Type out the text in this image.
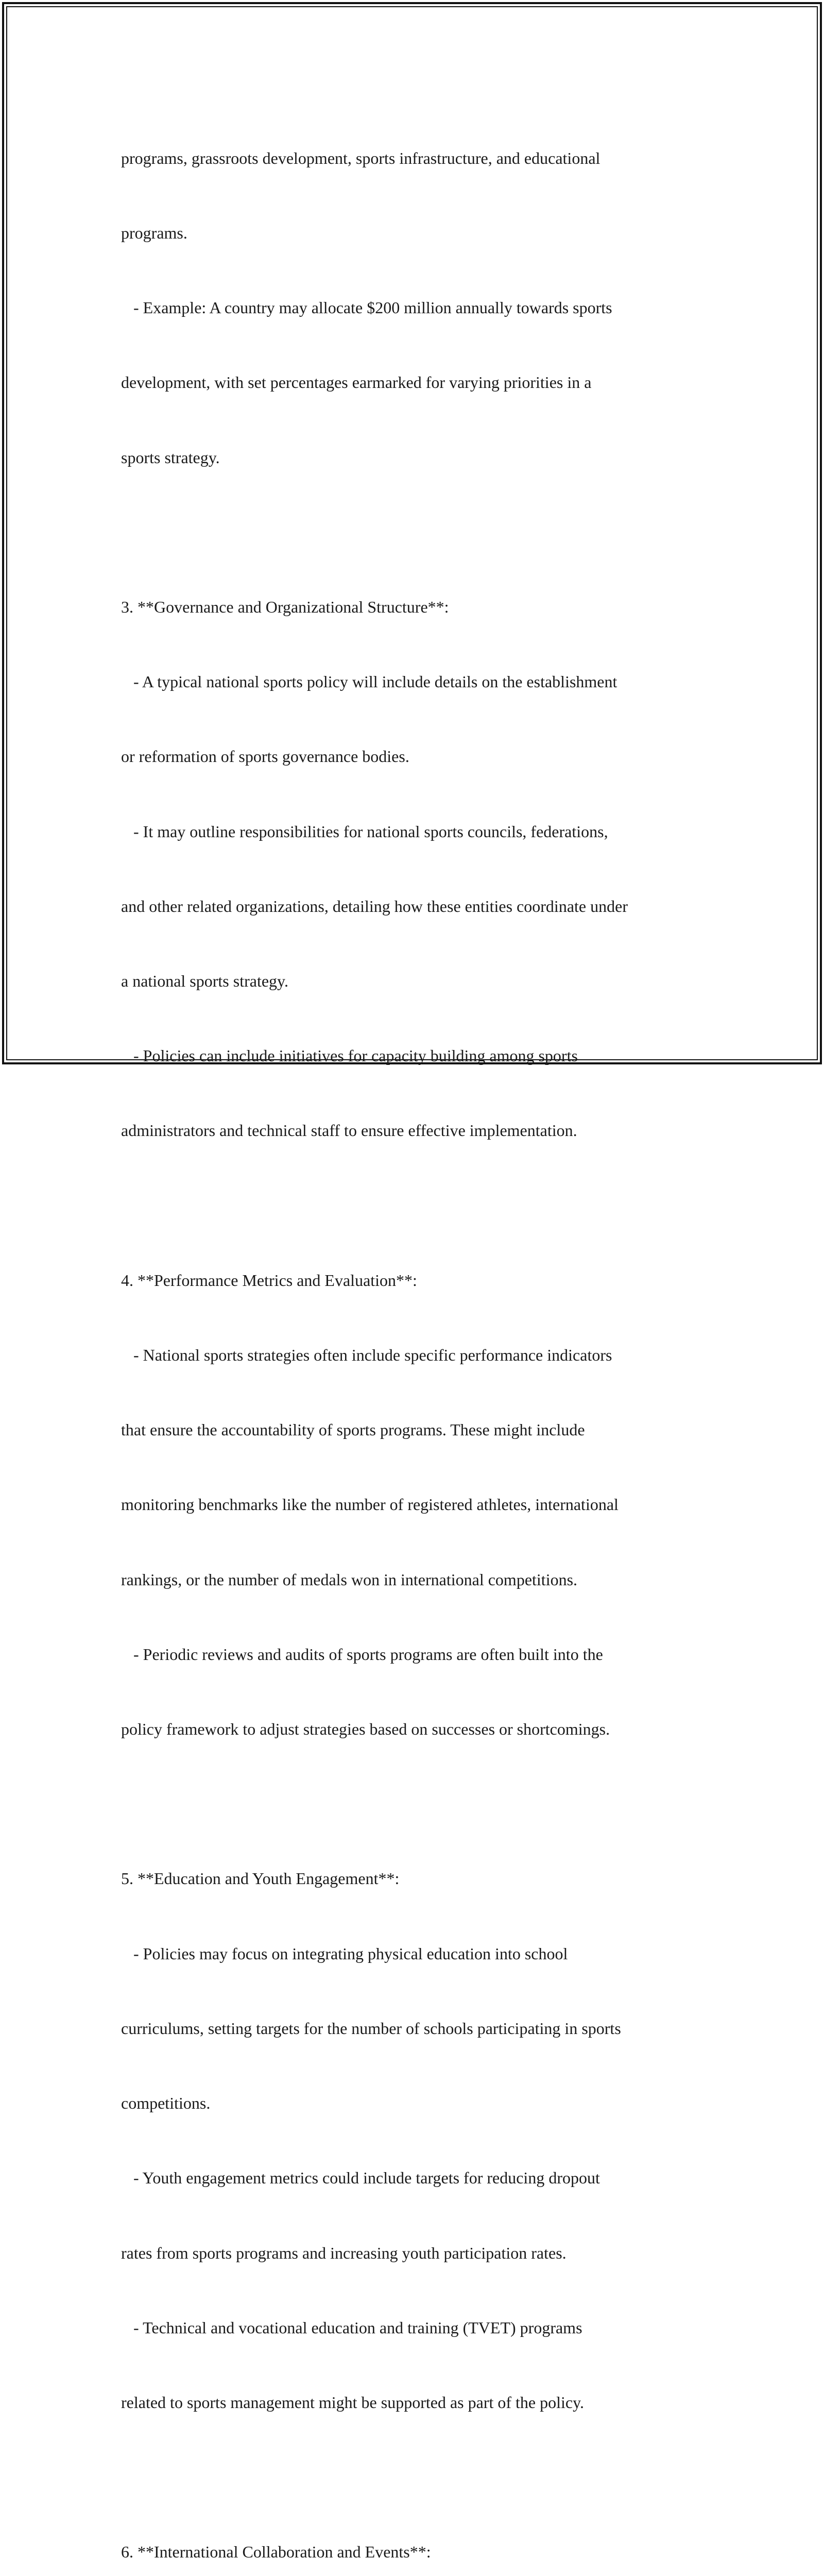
programs, grassroots development, sports infrastructure, and educational

programs.

- Example: A country may allocate $200 million annually towards sports

development, with set percentages earmarked for varying priorities in a

sports strategy.

3. **Governance and Organizational Structure**:

- A typical national sports policy will include details on the establishment

or reformation of sports governance bodies.

- It may outline responsibilities for national sports councils, federations,

and other related organizations, detailing how these entities coordinate under

a national sports strategy.

- Policies can include initiatives for capacity building among sports

administrators and technical staff to ensure effective implementation.

4. **Performance Metrics and Evaluation**:

- National sports strategies often include specific performance indicators

that ensure the accountability of sports programs. These might include

monitoring benchmarks like the number of registered athletes, international

rankings, or the number of medals won in international competitions.

- Periodic reviews and audits of sports programs are often built into the

policy framework to adjust strategies based on successes or shortcomings.

5. **Education and Youth Engagement**:

- Policies may focus on integrating physical education into school

curriculums, setting targets for the number of schools participating in sports

competitions.

- Youth engagement metrics could include targets for reducing dropout

rates from sports programs and increasing youth participation rates.

- Technical and vocational education and training (TVET) programs

related to sports management might be supported as part of the policy.

6. **International Collaboration and Events**:
